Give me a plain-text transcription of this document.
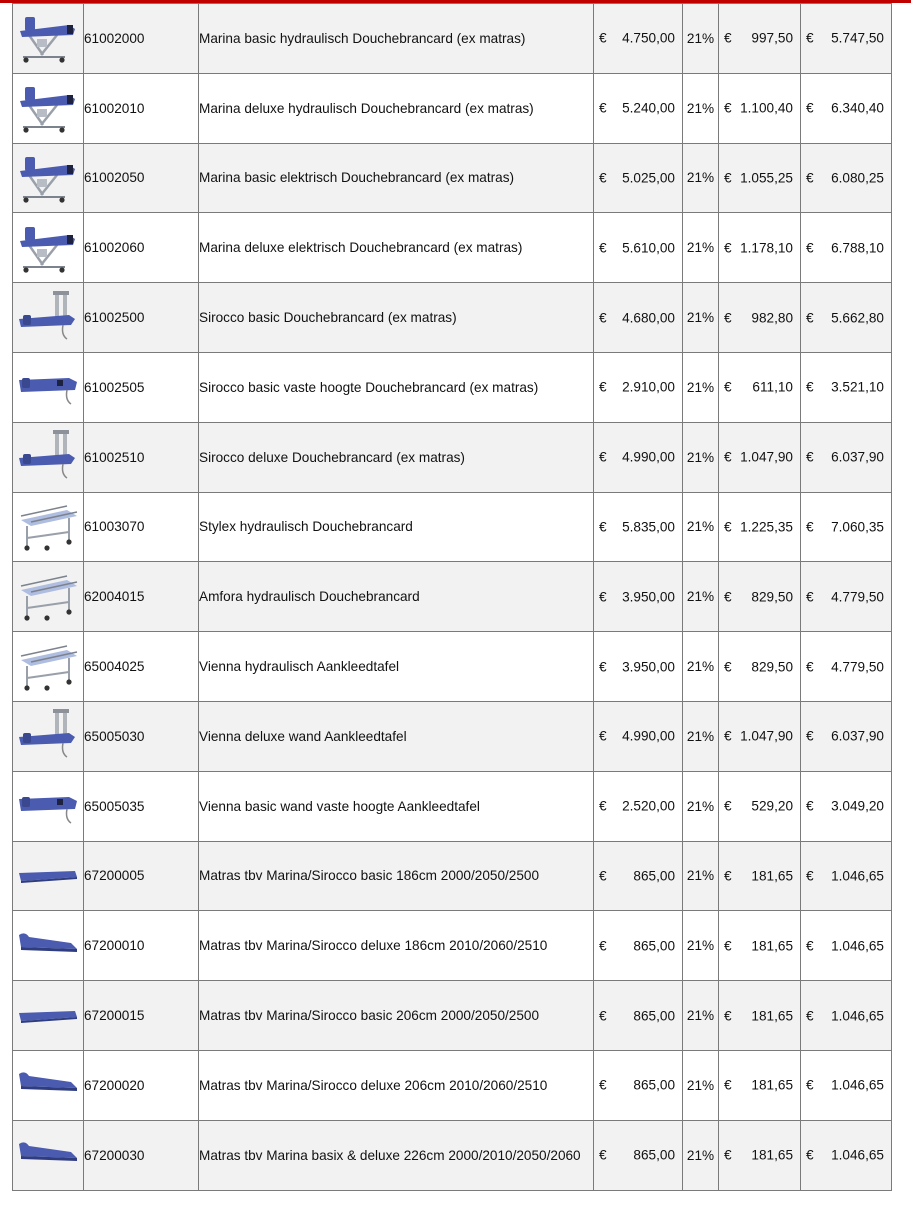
	61002000	Marina basic hydraulisch Douchebrancard (ex matras)	€ 4.750,00	21%	€ 997,50	€ 5.747,50

	61002010	Marina deluxe hydraulisch Douchebrancard (ex matras)	€ 5.240,00	21%	€ 1.100,40	€ 6.340,40

	61002050	Marina basic elektrisch Douchebrancard (ex matras)	€ 5.025,00	21%	€ 1.055,25	€ 6.080,25

	61002060	Marina deluxe elektrisch Douchebrancard (ex matras)	€ 5.610,00	21%	€ 1.178,10	€ 6.788,10

	61002500	Sirocco basic Douchebrancard (ex matras)	€ 4.680,00	21%	€ 982,80	€ 5.662,80

	61002505	Sirocco basic vaste hoogte Douchebrancard (ex matras)	€ 2.910,00	21%	€ 611,10	€ 3.521,10

	61002510	Sirocco deluxe Douchebrancard (ex matras)	€ 4.990,00	21%	€ 1.047,90	€ 6.037,90

	61003070	Stylex hydraulisch Douchebrancard	€ 5.835,00	21%	€ 1.225,35	€ 7.060,35

	62004015	Amfora hydraulisch Douchebrancard	€ 3.950,00	21%	€ 829,50	€ 4.779,50

	65004025	Vienna hydraulisch Aankleedtafel	€ 3.950,00	21%	€ 829,50	€ 4.779,50

	65005030	Vienna deluxe wand Aankleedtafel	€ 4.990,00	21%	€ 1.047,90	€ 6.037,90

	65005035	Vienna basic wand vaste hoogte Aankleedtafel	€ 2.520,00	21%	€ 529,20	€ 3.049,20

	67200005	Matras tbv Marina/Sirocco basic 186cm 2000/2050/2500	€ 865,00	21%	€ 181,65	€ 1.046,65

	67200010	Matras tbv Marina/Sirocco deluxe 186cm 2010/2060/2510	€ 865,00	21%	€ 181,65	€ 1.046,65

	67200015	Matras tbv Marina/Sirocco basic 206cm 2000/2050/2500	€ 865,00	21%	€ 181,65	€ 1.046,65

	67200020	Matras tbv Marina/Sirocco deluxe 206cm 2010/2060/2510	€ 865,00	21%	€ 181,65	€ 1.046,65

	67200030	Matras tbv Marina basix & deluxe 226cm 2000/2010/2050/2060	€ 865,00	21%	€ 181,65	€ 1.046,65
